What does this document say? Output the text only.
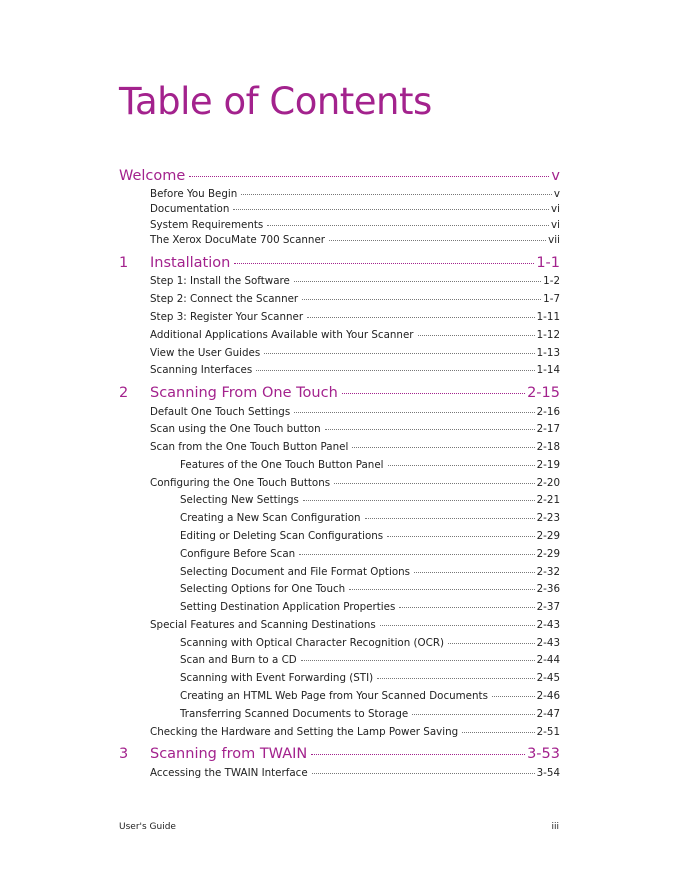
Table of Contents
Welcome	v
Before You Begin	v
Documentation	vi
System Requirements	vi
The Xerox DocuMate 700 Scanner	vii
1	Installation	1-1
Step 1: Install the Software	1-2
Step 2: Connect the Scanner	1-7
Step 3: Register Your Scanner	1-11
Additional Applications Available with Your Scanner	1-12
View the User Guides	1-13
Scanning Interfaces	1-14
2	Scanning From One Touch	2-15
Default One Touch Settings	2-16
Scan using the One Touch button	2-17
Scan from the One Touch Button Panel	2-18
Features of the One Touch Button Panel	2-19
Configuring the One Touch Buttons	2-20
Selecting New Settings	2-21
Creating a New Scan Configuration	2-23
Editing or Deleting Scan Configurations	2-29
Configure Before Scan	2-29
Selecting Document and File Format Options	2-32
Selecting Options for One Touch	2-36
Setting Destination Application Properties	2-37
Special Features and Scanning Destinations	2-43
Scanning with Optical Character Recognition (OCR)	2-43
Scan and Burn to a CD	2-44
Scanning with Event Forwarding (STI)	2-45
Creating an HTML Web Page from Your Scanned Documents	2-46
Transferring Scanned Documents to Storage	2-47
Checking the Hardware and Setting the Lamp Power Saving	2-51
3	Scanning from TWAIN	3-53
Accessing the TWAIN Interface	3-54
User's Guide	iii
